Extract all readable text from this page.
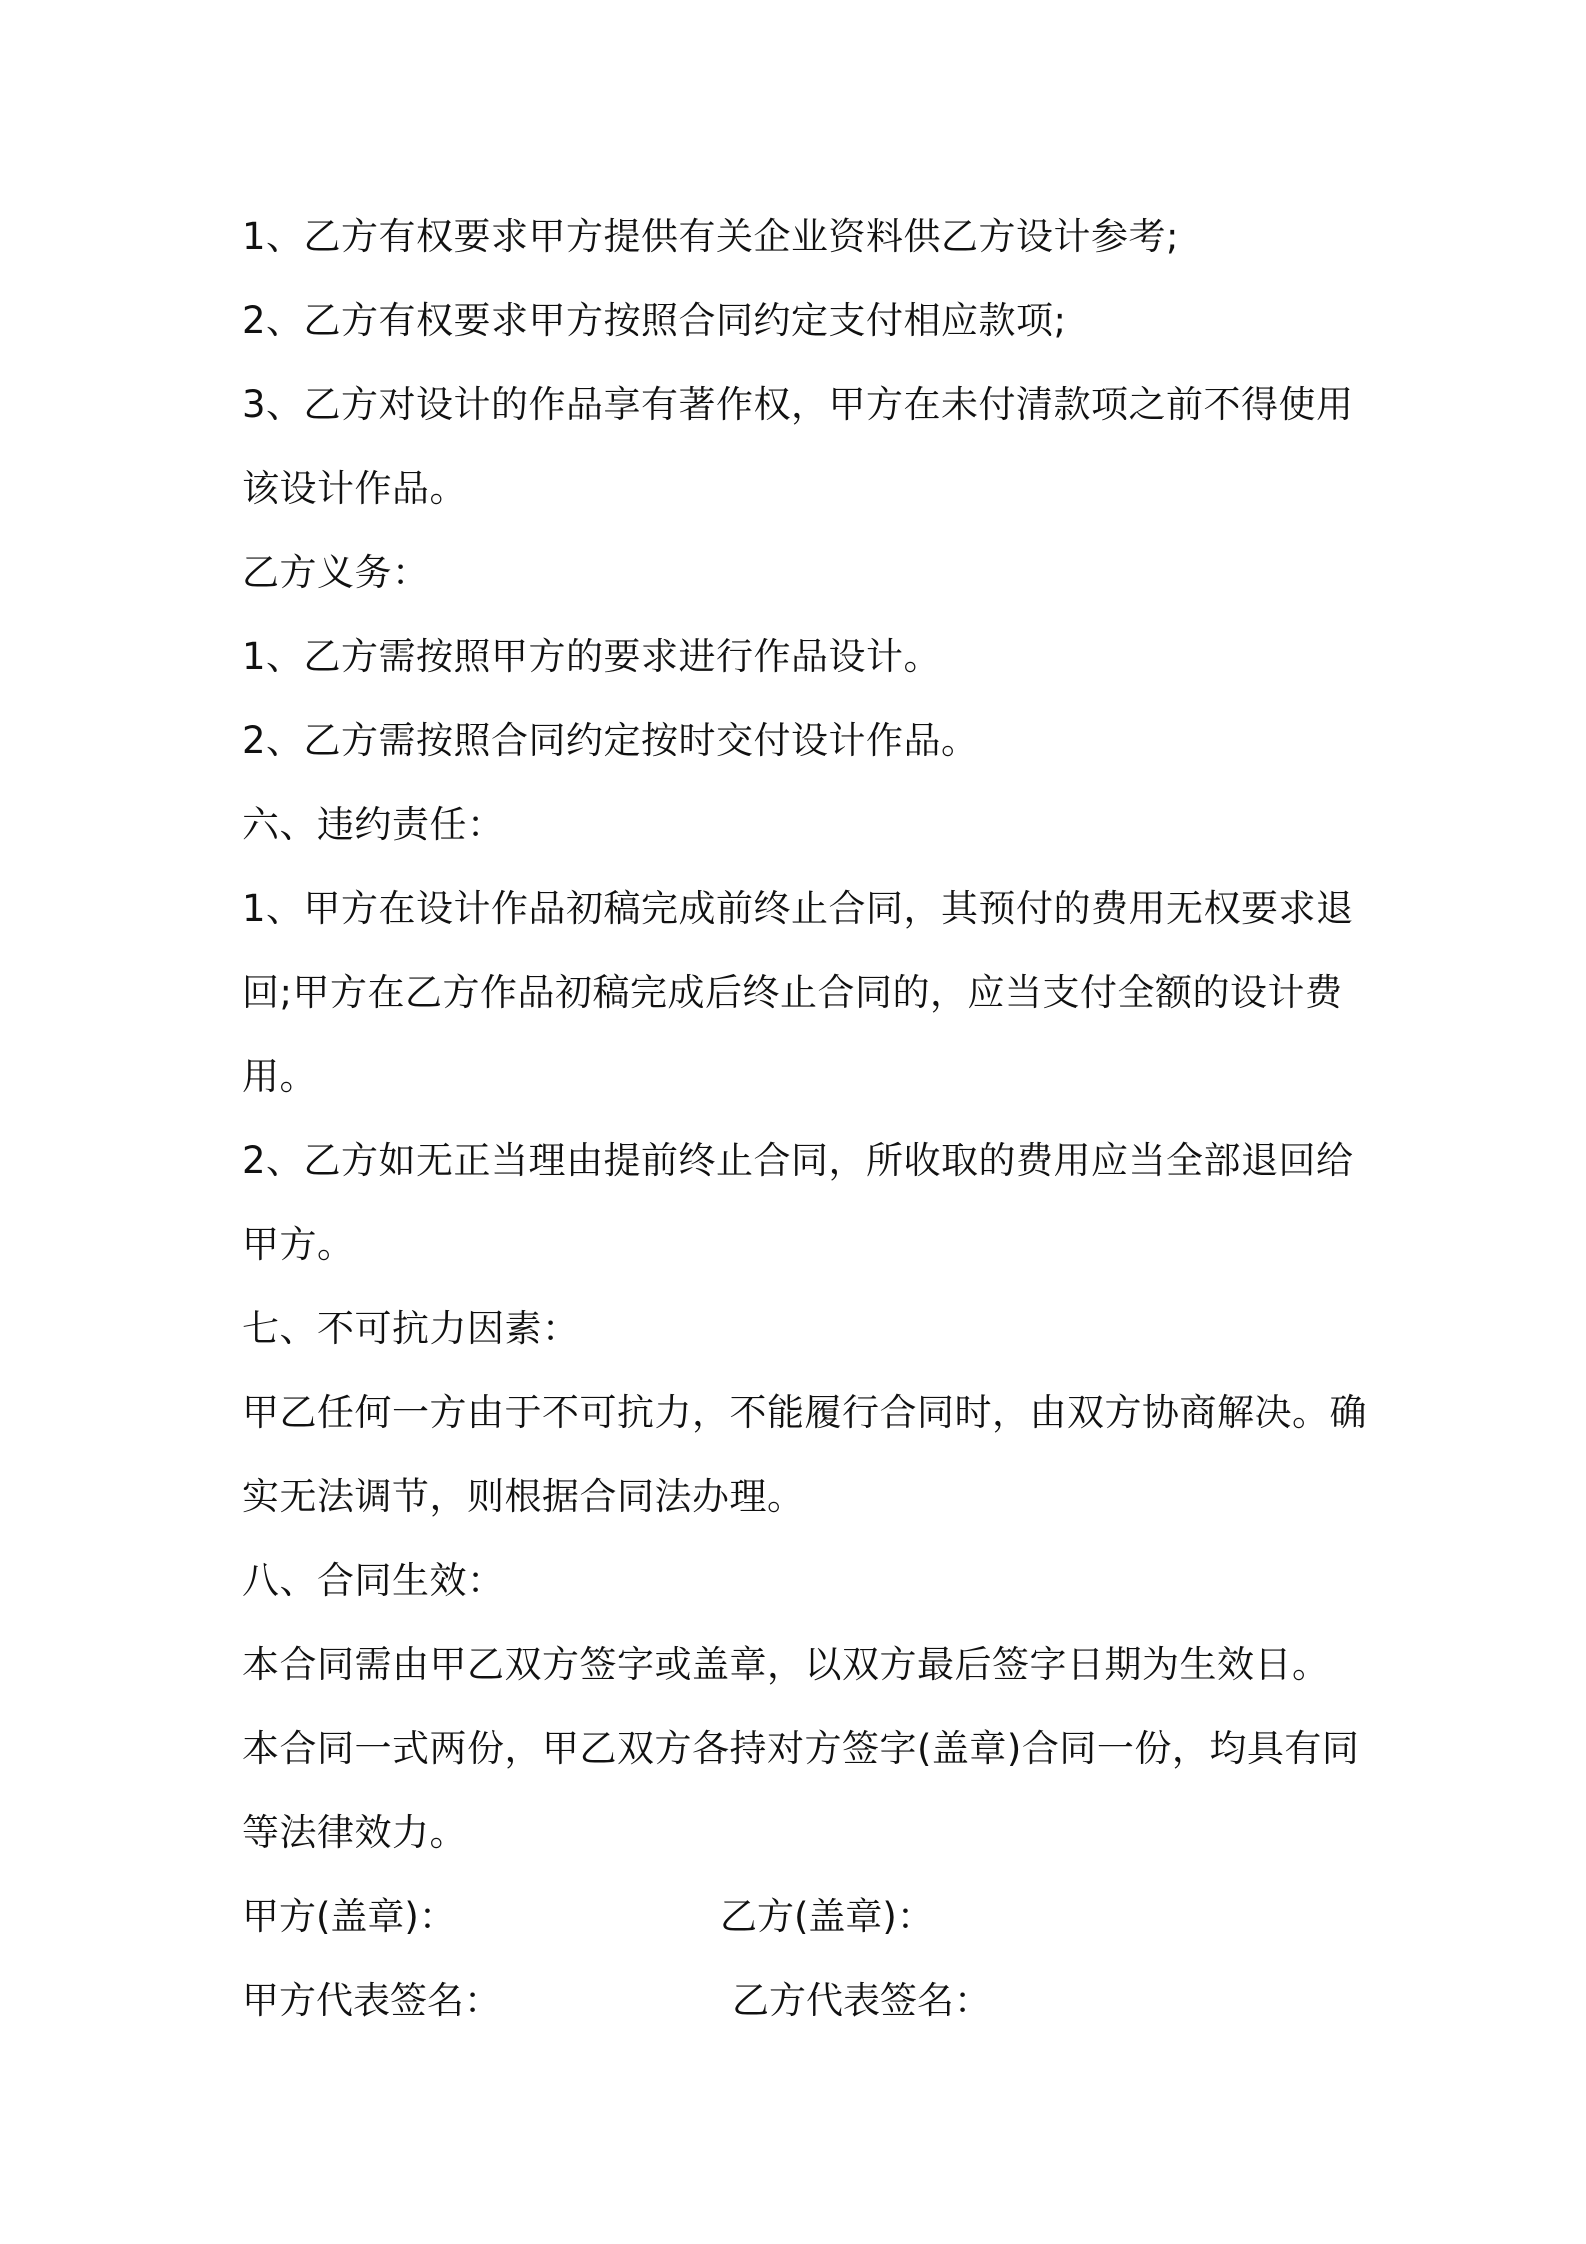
1、乙方有权要求甲方提供有关企业资料供乙方设计参考;
2、乙方有权要求甲方按照合同约定支付相应款项;
3、乙方对设计的作品享有著作权，甲方在未付清款项之前不得使用
该设计作品。
乙方义务：
1、乙方需按照甲方的要求进行作品设计。
2、乙方需按照合同约定按时交付设计作品。
六、违约责任：
1、甲方在设计作品初稿完成前终止合同，其预付的费用无权要求退
回;甲方在乙方作品初稿完成后终止合同的，应当支付全额的设计费
用。
2、乙方如无正当理由提前终止合同，所收取的费用应当全部退回给
甲方。
七、不可抗力因素：
甲乙任何一方由于不可抗力，不能履行合同时，由双方协商解决。确
实无法调节，则根据合同法办理。
八、合同生效：
本合同需由甲乙双方签字或盖章，以双方最后签字日期为生效日。
本合同一式两份，甲乙双方各持对方签字(盖章)合同一份，均具有同
等法律效力。
甲方(盖章)：	乙方(盖章)：
甲方代表签名：	乙方代表签名：
